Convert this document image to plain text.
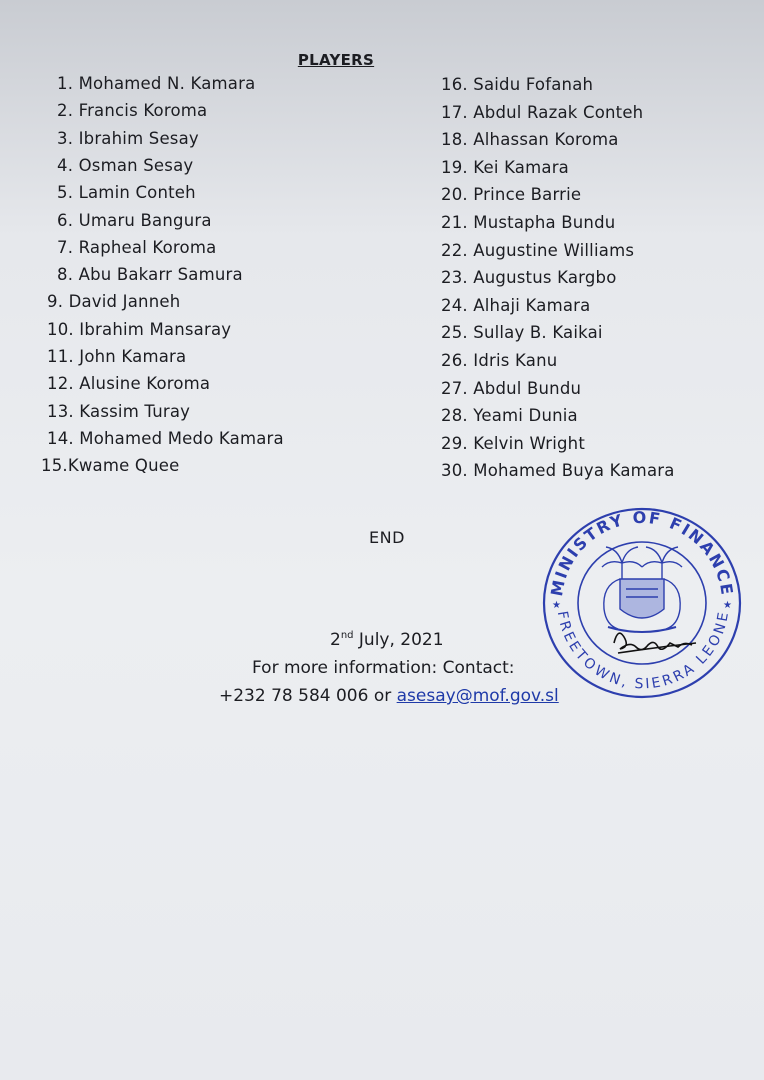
PLAYERS
1. Mohamed N. Kamara
2. Francis Koroma
3. Ibrahim Sesay
4. Osman Sesay
5. Lamin Conteh
6. Umaru Bangura
7. Rapheal Koroma
8. Abu Bakarr Samura
9. David Janneh
10. Ibrahim Mansaray
11. John Kamara
12. Alusine Koroma
13. Kassim Turay
14. Mohamed Medo Kamara
15.Kwame Quee
16. Saidu Fofanah
17. Abdul Razak Conteh
18. Alhassan Koroma
19. Kei Kamara
20. Prince Barrie
21. Mustapha Bundu
22. Augustine Williams
23. Augustus Kargbo
24. Alhaji Kamara
25. Sullay B. Kaikai
26. Idris Kanu
27. Abdul Bundu
28. Yeami Dunia
29. Kelvin Wright
30. Mohamed Buya Kamara
END
2nd July, 2021
For more information: Contact:
+232 78 584 006 or asesay@mof.gov.sl
MINISTRY OF FINANCE
FREETOWN, SIERRA LEONE
★	★
